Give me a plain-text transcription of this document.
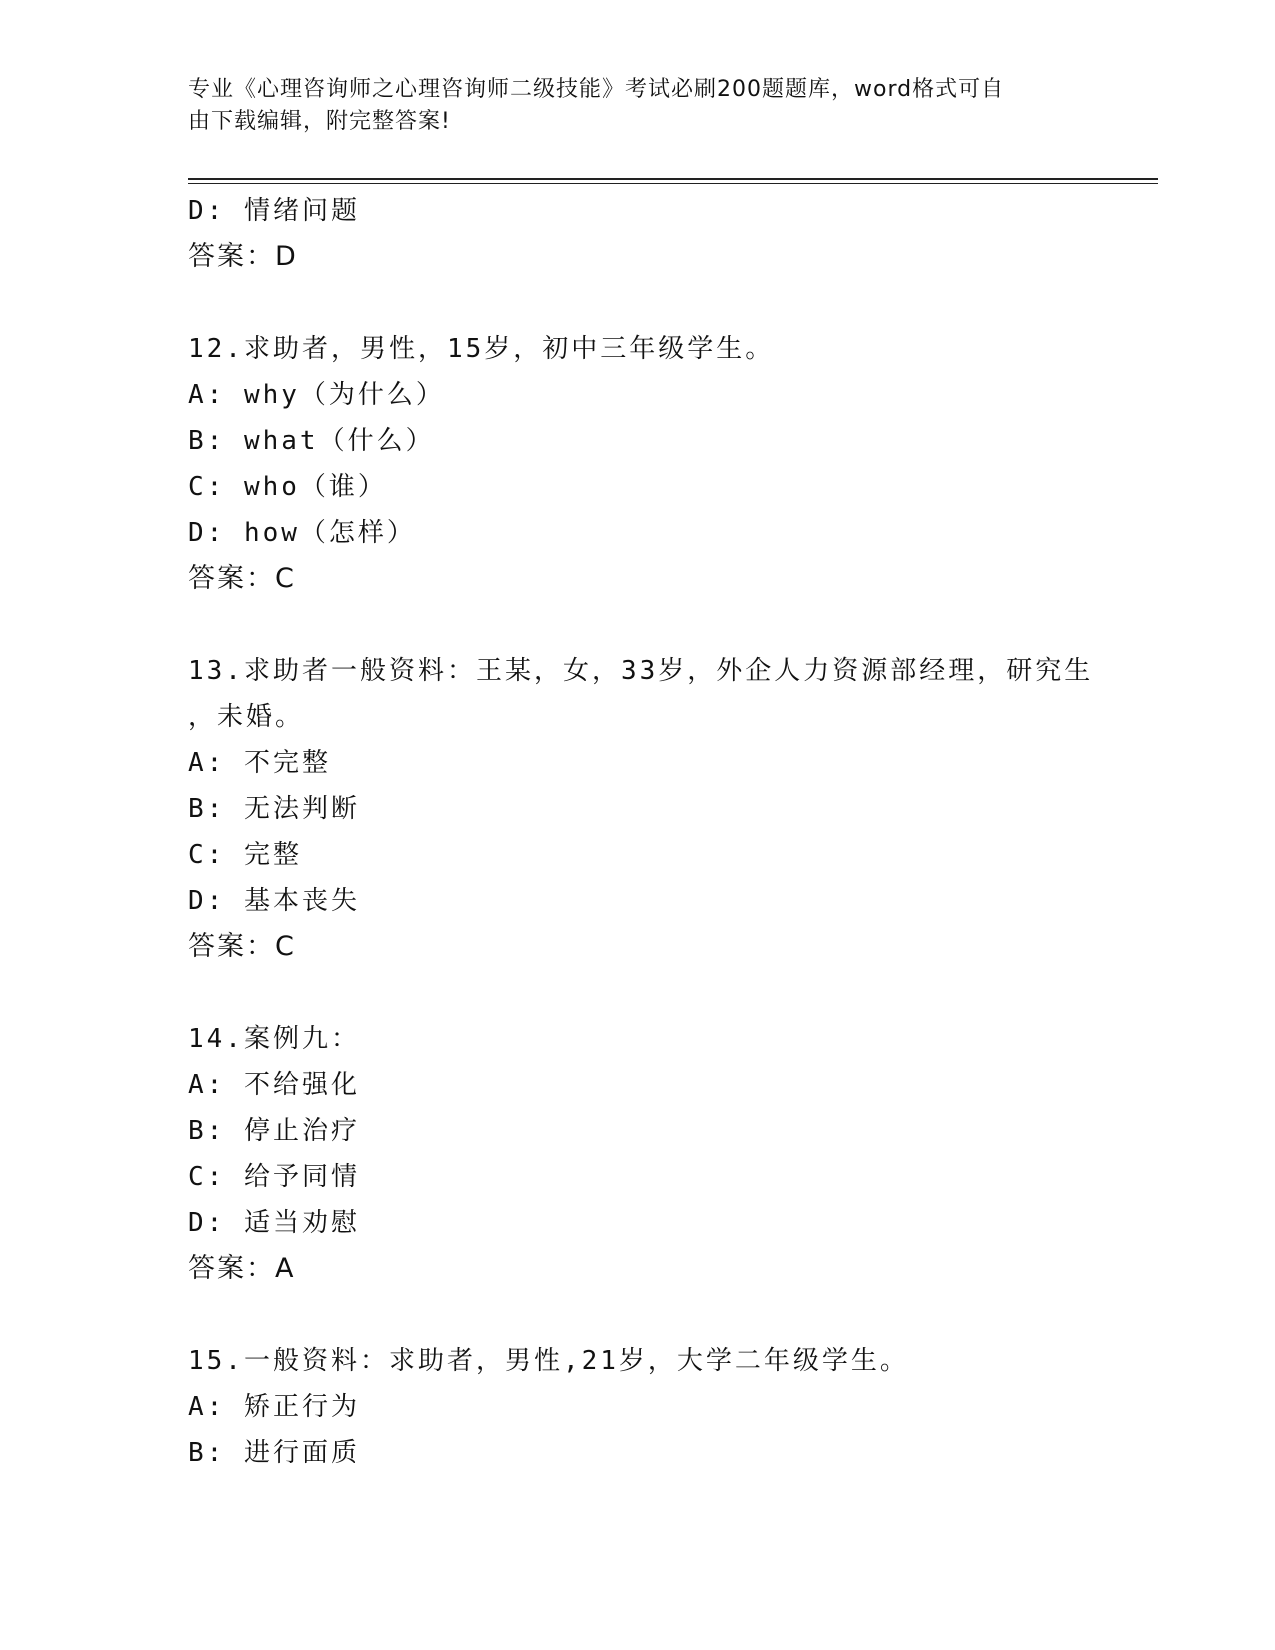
专业《心理咨询师之心理咨询师二级技能》考试必刷200题题库，word格式可自
由下载编辑，附完整答案!
D: 情绪问题
答案：D
12.求助者，男性，15岁，初中三年级学生。
A: why（为什么）
B: what（什么）
C: who（谁）
D: how（怎样）
答案：C
13.求助者一般资料：王某，女，33岁，外企人力资源部经理，研究生
，未婚。
A: 不完整
B: 无法判断
C: 完整
D: 基本丧失
答案：C
14.案例九：
A: 不给强化
B: 停止治疗
C: 给予同情
D: 适当劝慰
答案：A
15.一般资料：求助者，男性,21岁，大学二年级学生。
A: 矫正行为
B: 进行面质
